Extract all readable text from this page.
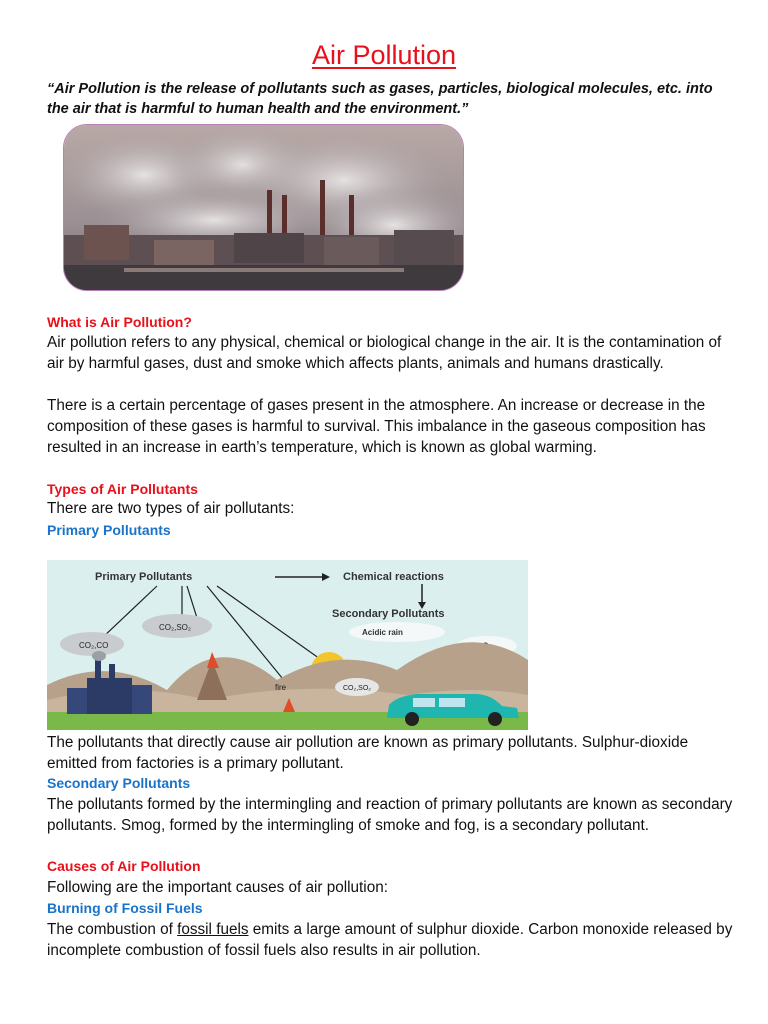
Air Pollution
“Air Pollution is the release of pollutants such as gases, particles, biological molecules, etc. into the air that is harmful to human health and the environment.”
What is Air Pollution?
Air pollution refers to any physical, chemical or biological change in the air. It is the contamination of air by harmful gases, dust and smoke which affects plants, animals and humans drastically.
There is a certain percentage of gases present in the atmosphere. An increase or decrease in the composition of these gases is harmful to survival. This imbalance in the gaseous composition has resulted in an increase in earth’s temperature, which is known as global warming.
Types of Air Pollutants
There are two types of air pollutants:
Primary Pollutants
Primary Pollutants	Chemical reactions
Secondary Pollutants
Acidic rain
CO₂,CO
CO₂,SO₂
fire	CO₂,SO₂
The pollutants that directly cause air pollution are known as primary pollutants. Sulphur-dioxide emitted from factories is a primary pollutant.
Secondary Pollutants
The pollutants formed by the intermingling and reaction of primary pollutants are known as secondary pollutants. Smog, formed by the intermingling of smoke and fog, is a secondary pollutant.
Causes of Air Pollution
Following are the important causes of air pollution:
Burning of Fossil Fuels
The combustion of fossil fuels emits a large amount of sulphur dioxide. Carbon monoxide released by incomplete combustion of fossil fuels also results in air pollution.
